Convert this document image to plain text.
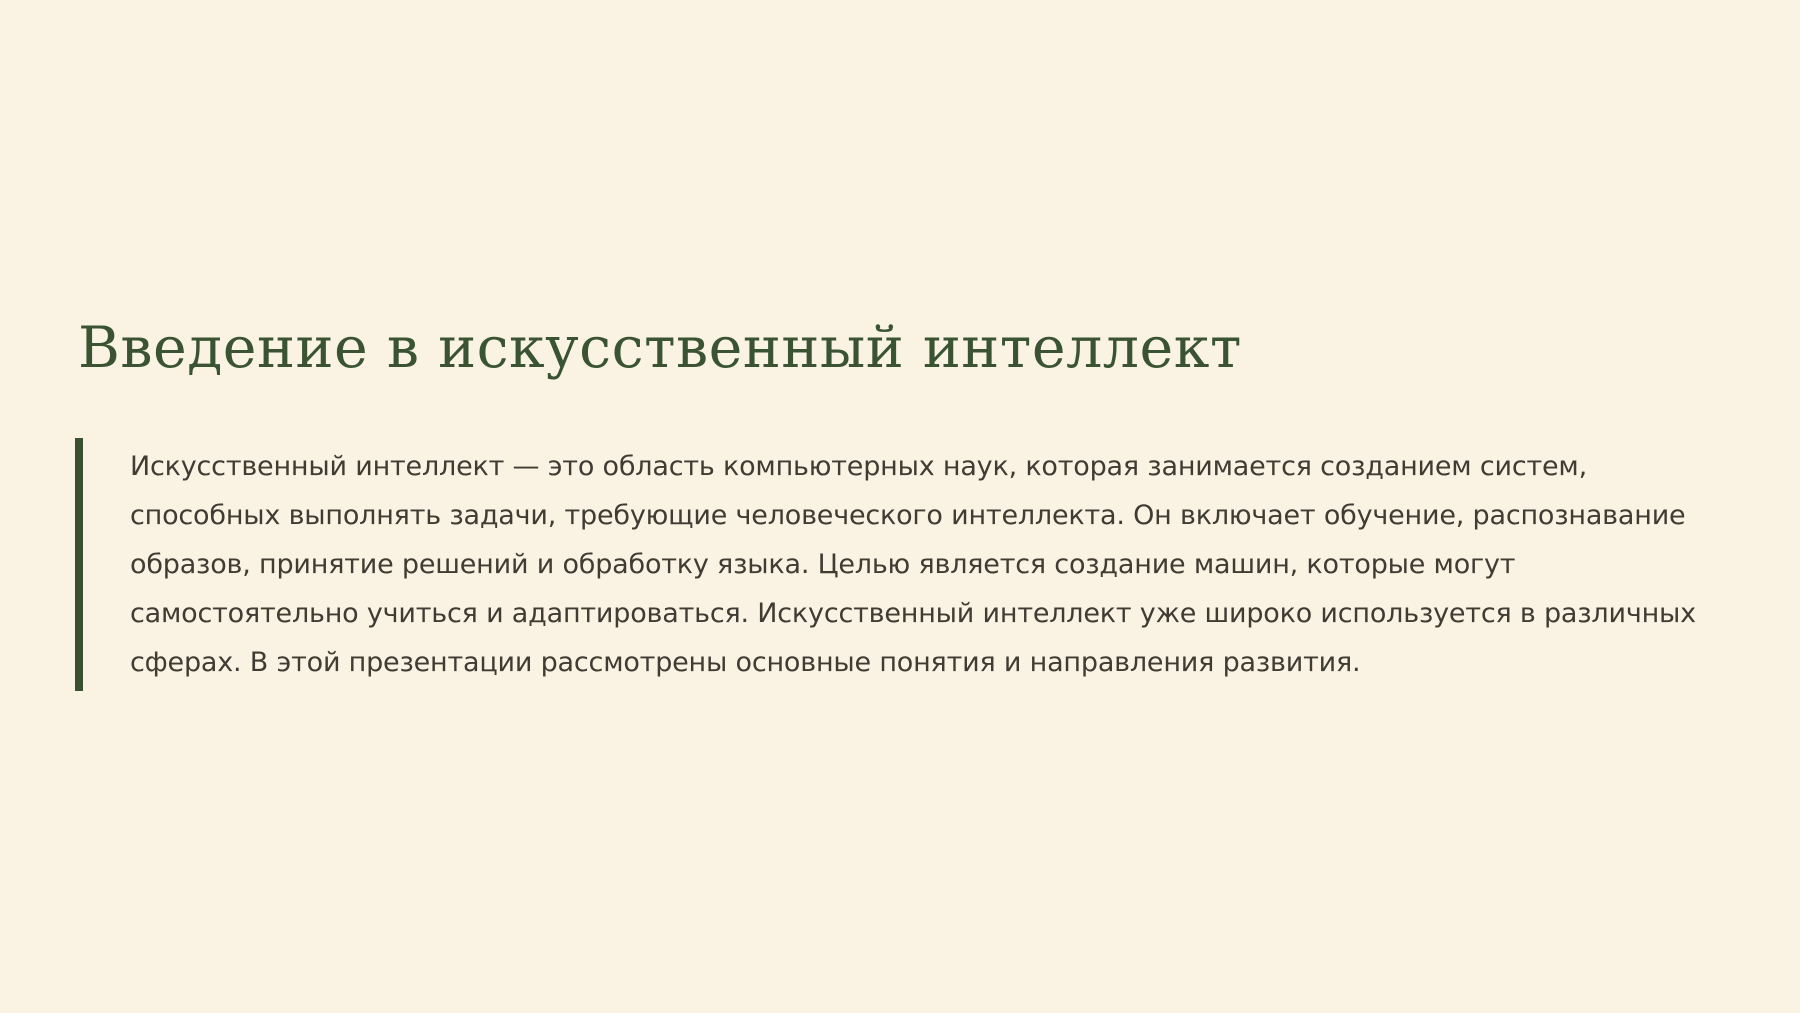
Введение в искусственный интеллект

Искусственный интеллект — это область компьютерных наук, которая занимается созданием систем,
способных выполнять задачи, требующие человеческого интеллекта. Он включает обучение, распознавание
образов, принятие решений и обработку языка. Целью является создание машин, которые могут
самостоятельно учиться и адаптироваться. Искусственный интеллект уже широко используется в различных
сферах. В этой презентации рассмотрены основные понятия и направления развития.
